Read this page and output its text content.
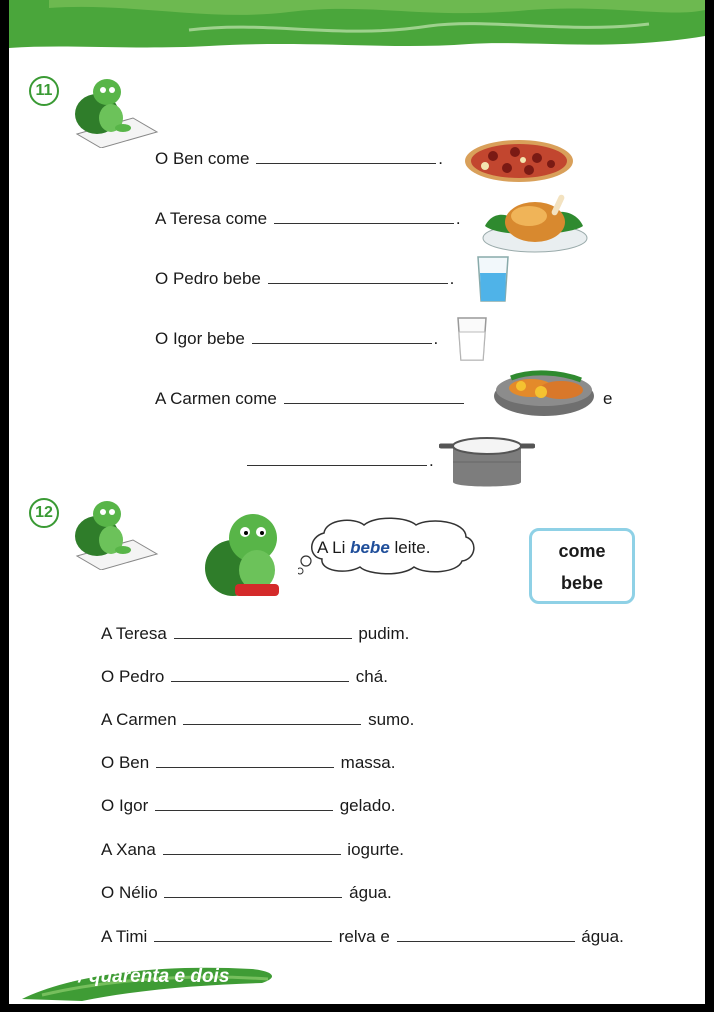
11
O Ben come	.
A Teresa come	.
O Pedro bebe	.
O Igor bebe	.
A Carmen come	e
.
12
A Li bebe leite.	come
bebe
A Teresa	pudim.
O Pedro	chá.
A Carmen	sumo.
O Ben	massa.
O Igor	gelado.
A Xana	iogurte.
O Nélio	água.
A Timi	relva e	água.
42 / quarenta e dois
